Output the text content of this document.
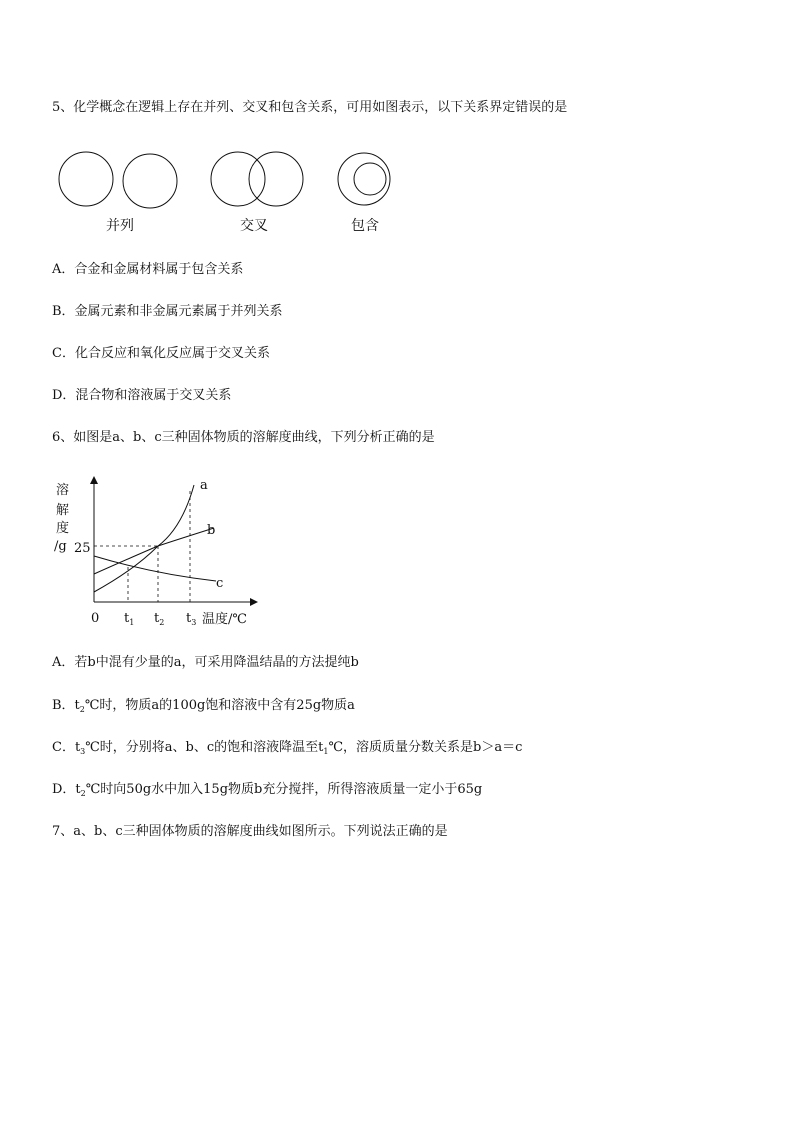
5、化学概念在逻辑上存在并列、交叉和包含关系，可用如图表示，以下关系界定错误的是
并列	交叉	包含
A．合金和金属材料属于包含关系
B．金属元素和非金属元素属于并列关系
C．化合反应和氧化反应属于交叉关系
D．混合物和溶液属于交叉关系
6、如图是a、b、c三种固体物质的溶解度曲线，下列分析正确的是
溶
解
度
/g 25
a
b
c
0 $t_1$ $t_2$ $t_3$ 温度/℃
A．若b中混有少量的a，可采用降温结晶的方法提纯b
B．$t_2℃$时，物质a的100g饱和溶液中含有25g物质a
C．$t_3℃$时，分别将a、b、c的饱和溶液降温至$t_1℃$，溶质质量分数关系是b＞a＝c
D．$t_2℃$时向50g水中加入15g物质b充分搅拌，所得溶液质量一定小于65g
7、a、b、c三种固体物质的溶解度曲线如图所示。下列说法正确的是
